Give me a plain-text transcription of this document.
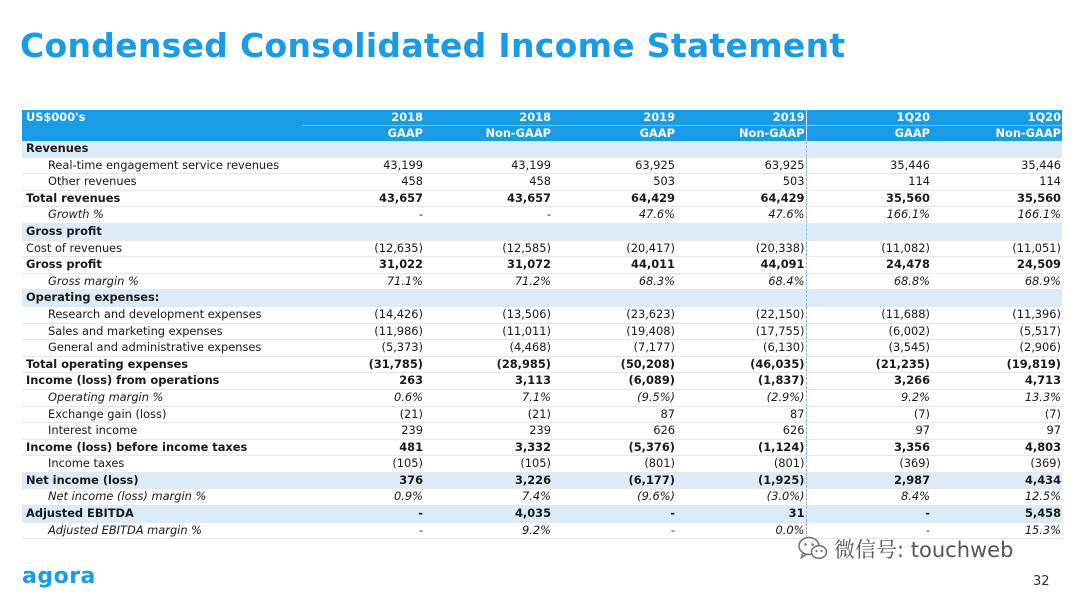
Condensed Consolidated Income Statement
US$000's	2018	2018	2019	2019	1Q20	1Q20
	GAAP	Non-GAAP	GAAP	Non-GAAP	GAAP	Non-GAAP
Revenues						
Real-time engagement service revenues	43,199	43,199	63,925	63,925	35,446	35,446
Other revenues	458	458	503	503	114	114
Total revenues	43,657	43,657	64,429	64,429	35,560	35,560
Growth %	-	-	47.6%	47.6%	166.1%	166.1%
Gross profit						
Cost of revenues	(12,635)	(12,585)	(20,417)	(20,338)	(11,082)	(11,051)
Gross profit	31,022	31,072	44,011	44,091	24,478	24,509
Gross margin %	71.1%	71.2%	68.3%	68.4%	68.8%	68.9%
Operating expenses:						
Research and development expenses	(14,426)	(13,506)	(23,623)	(22,150)	(11,688)	(11,396)
Sales and marketing expenses	(11,986)	(11,011)	(19,408)	(17,755)	(6,002)	(5,517)
General and administrative expenses	(5,373)	(4,468)	(7,177)	(6,130)	(3,545)	(2,906)
Total operating expenses	(31,785)	(28,985)	(50,208)	(46,035)	(21,235)	(19,819)
Income (loss) from operations	263	3,113	(6,089)	(1,837)	3,266	4,713
Operating margin %	0.6%	7.1%	(9.5%)	(2.9%)	9.2%	13.3%
Exchange gain (loss)	(21)	(21)	87	87	(7)	(7)
Interest income	239	239	626	626	97	97
Income (loss) before income taxes	481	3,332	(5,376)	(1,124)	3,356	4,803
Income taxes	(105)	(105)	(801)	(801)	(369)	(369)
Net income (loss)	376	3,226	(6,177)	(1,925)	2,987	4,434
Net income (loss) margin %	0.9%	7.4%	(9.6%)	(3.0%)	8.4%	12.5%
Adjusted EBITDA	-	4,035	-	31	-	5,458
Adjusted EBITDA margin %	-	9.2%	-	0.0%	-	15.3%
agora
微信号: touchweb
32
